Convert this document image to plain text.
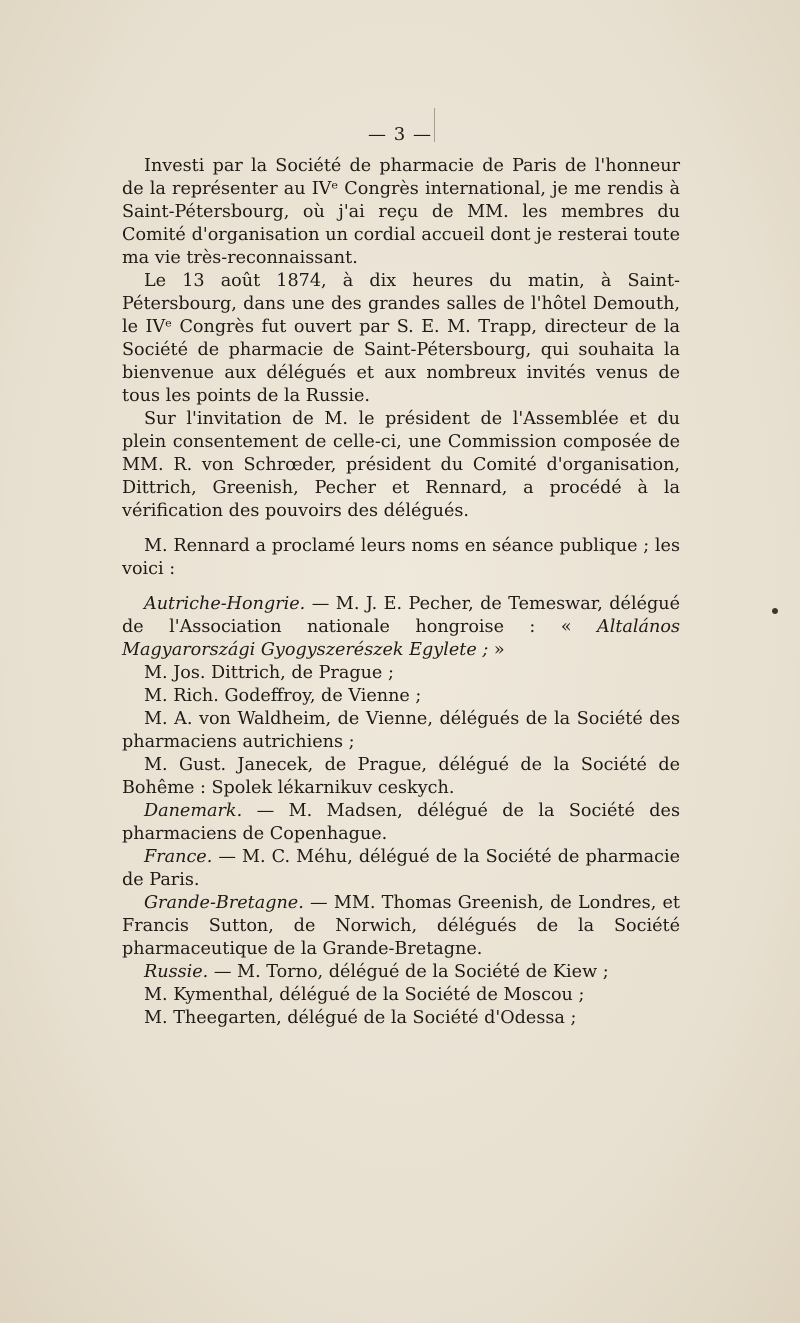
— 3 —

Investi par la Société de pharmacie de Paris de l'honneur de la représenter au IVᵉ Congrès international, je me rendis à Saint-Pétersbourg, où j'ai reçu de MM. les membres du Comité d'organisation un cordial accueil dont je resterai toute ma vie très-reconnaissant.

Le 13 août 1874, à dix heures du matin, à Saint-Pétersbourg, dans une des grandes salles de l'hôtel Demouth, le IVᵉ Congrès fut ouvert par S. E. M. Trapp, directeur de la Société de pharmacie de Saint-Pétersbourg, qui souhaita la bienvenue aux délégués et aux nombreux invités venus de tous les points de la Russie.

Sur l'invitation de M. le président de l'Assemblée et du plein consentement de celle-ci, une Commission composée de MM. R. von Schrœder, président du Comité d'organisation, Dittrich, Greenish, Pecher et Rennard, a procédé à la vérification des pouvoirs des délégués.

M. Rennard a proclamé leurs noms en séance publique ; les voici :

Autriche-Hongrie. — M. J. E. Pecher, de Temeswar, délégué de l'Association nationale hongroise : « Altalános Magyarországi Gyogyszerészek Egylete ; »

M. Jos. Dittrich, de Prague ;

M. Rich. Godeffroy, de Vienne ;

M. A. von Waldheim, de Vienne, délégués de la Société des pharmaciens autrichiens ;

M. Gust. Janecek, de Prague, délégué de la Société de Bohême : Spolek lékarnikuv ceskych.

Danemark. — M. Madsen, délégué de la Société des pharmaciens de Copenhague.

France. — M. C. Méhu, délégué de la Société de pharmacie de Paris.

Grande-Bretagne. — MM. Thomas Greenish, de Londres, et Francis Sutton, de Norwich, délégués de la Société pharmaceutique de la Grande-Bretagne.

Russie. — M. Torno, délégué de la Société de Kiew ;

M. Kymenthal, délégué de la Société de Moscou ;

M. Theegarten, délégué de la Société d'Odessa ;
